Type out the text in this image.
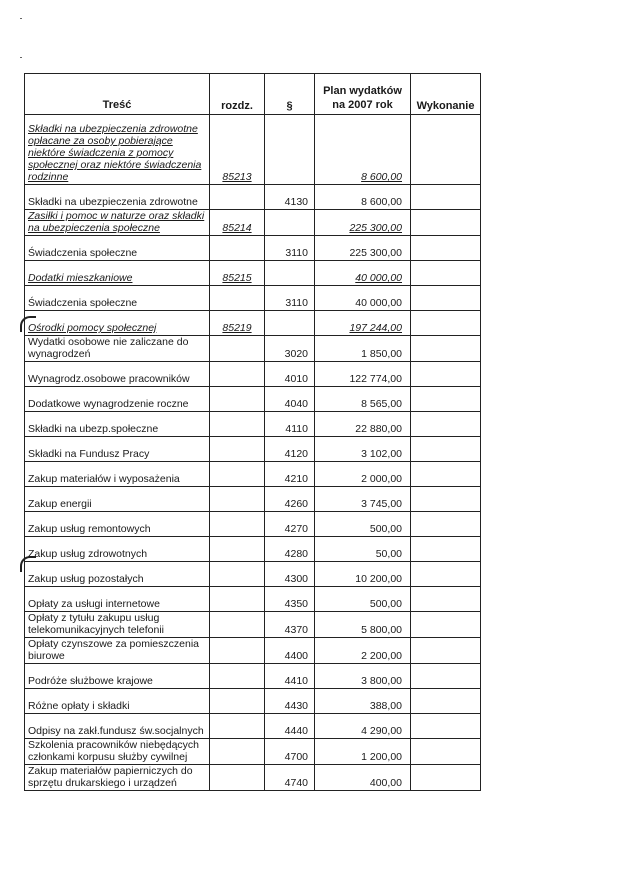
Treść	rozdz.	§	Plan wydatków na 2007 rok	Wykonanie
Składki na ubezpieczenia zdrowotne opłacane za osoby pobierające niektóre świadczenia z pomocy społecznej oraz niektóre świadczenia rodzinne	85213		8 600,00	
Składki na ubezpieczenia zdrowotne		4130	8 600,00	
Zasiłki i pomoc w naturze oraz składki na ubezpieczenia społeczne	85214		225 300,00	
Świadczenia społeczne		3110	225 300,00	
Dodatki mieszkaniowe	85215		40 000,00	
Świadczenia społeczne		3110	40 000,00	
Ośrodki pomocy społecznej	85219		197 244,00	
Wydatki osobowe nie zaliczane do wynagrodzeń		3020	1 850,00	
Wynagrodz.osobowe pracowników		4010	122 774,00	
Dodatkowe wynagrodzenie roczne		4040	8 565,00	
Składki na ubezp.społeczne		4110	22 880,00	
Składki na Fundusz Pracy		4120	3 102,00	
Zakup materiałów i wyposażenia		4210	2 000,00	
Zakup energii		4260	3 745,00	
Zakup usług remontowych		4270	500,00	
Zakup usług zdrowotnych		4280	50,00	
Zakup usług pozostałych		4300	10 200,00	
Opłaty za usługi internetowe		4350	500,00	
Opłaty z tytułu zakupu usług telekomunikacyjnych telefonii		4370	5 800,00	
Opłaty czynszowe za pomieszczenia biurowe		4400	2 200,00	
Podróże służbowe krajowe		4410	3 800,00	
Różne opłaty i składki		4430	388,00	
Odpisy na zakł.fundusz św.socjalnych		4440	4 290,00	
Szkolenia pracowników niebędących członkami korpusu służby cywilnej		4700	1 200,00	
Zakup materiałów papierniczych do sprzętu drukarskiego i urządzeń		4740	400,00	
